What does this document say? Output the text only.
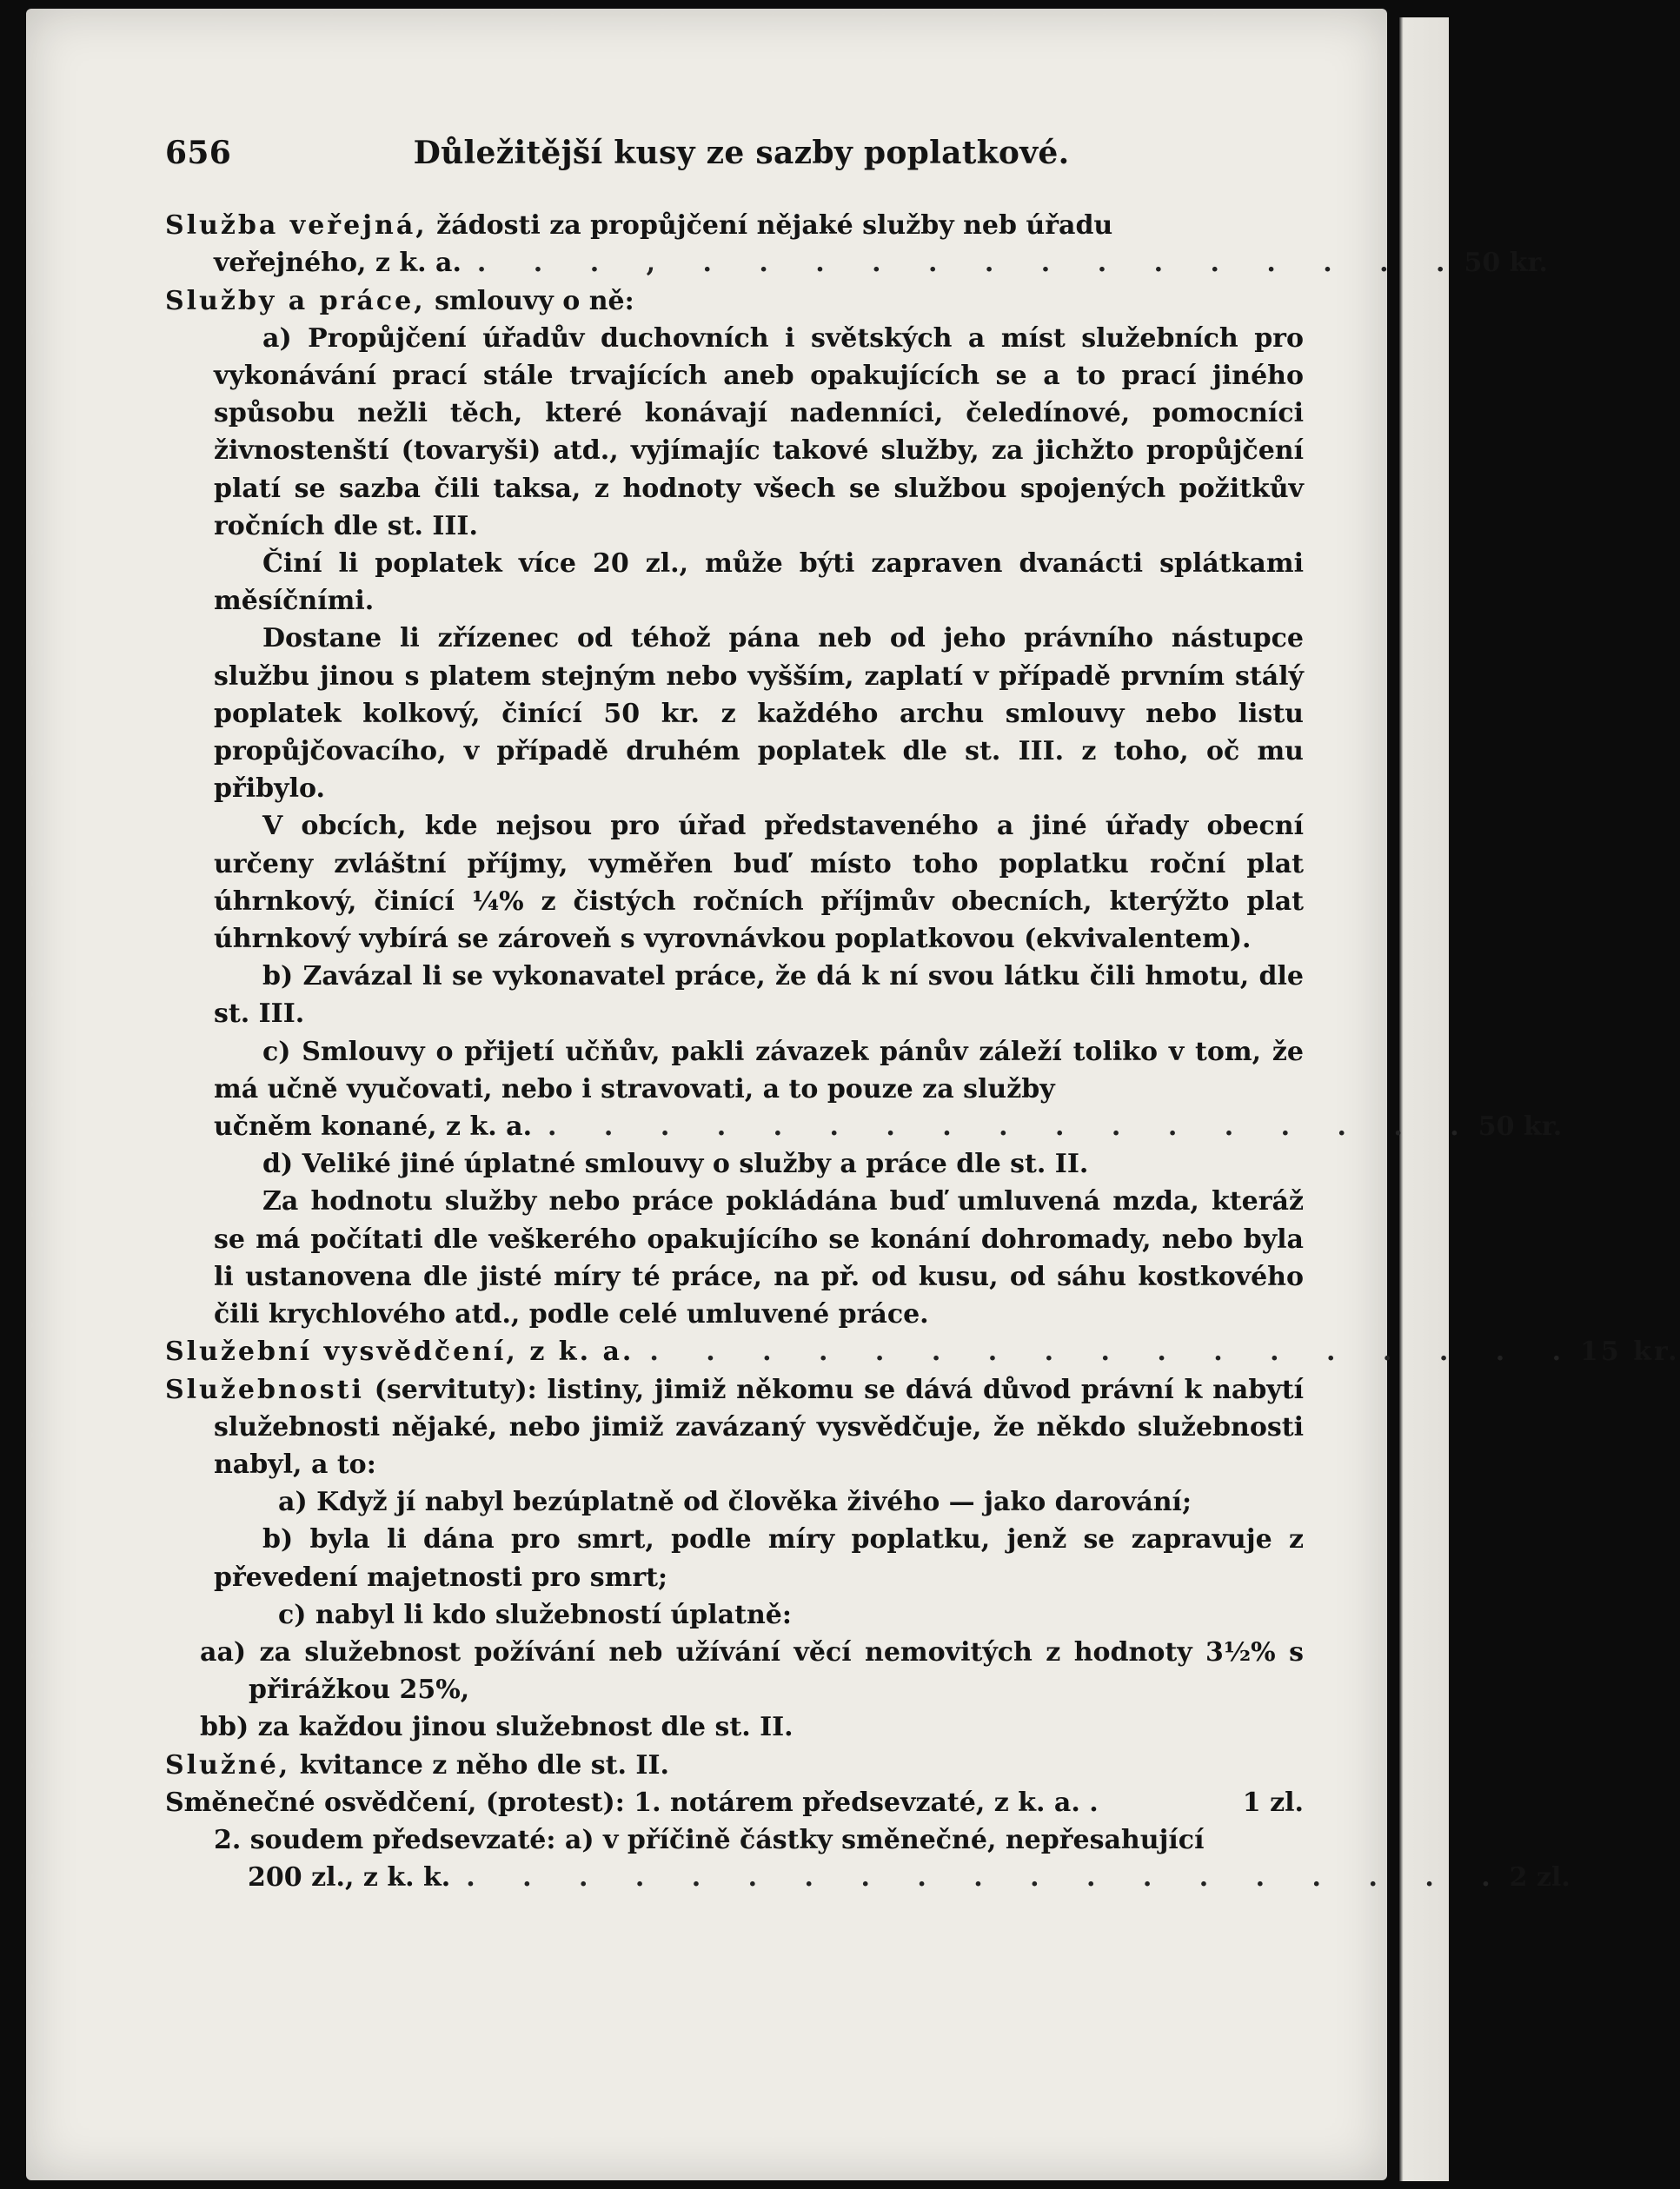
656	Důležitější kusy ze sazby poplatkové.

Služba veřejná, žádosti za propůjčení nějaké služby neb úřadu

veřejného, z k. a. . . . , . . . . . . . . . . . . . . 50 kr.

Služby a práce, smlouvy o ně:

a) Propůjčení úřadův duchovních i světských a míst služebních pro vykonávání prací stále trvajících aneb opakujících se a to prací jiného spůsobu nežli těch, které konávají nadenníci, čeledínové, pomocníci živnostenští (tovaryši) atd., vyjímajíc takové služby, za jichžto propůjčení platí se sazba čili taksa, z hodnoty všech se službou spojených požitkův ročních dle st. III.

Činí li poplatek více 20 zl., může býti zapraven dvanácti splátkami měsíčními.

Dostane li zřízenec od téhož pána neb od jeho právního nástupce službu jinou s platem stejným nebo vyšším, zaplatí v případě prvním stálý poplatek kolkový, činící 50 kr. z každého archu smlouvy nebo listu propůjčovacího, v případě druhém poplatek dle st. III. z toho, oč mu přibylo.

V obcích, kde nejsou pro úřad představeného a jiné úřady obecní určeny zvláštní příjmy, vyměřen buď místo toho poplatku roční plat úhrnkový, činící ¼% z čistých ročních příjmův obecních, kterýžto plat úhrnkový vybírá se zároveň s vyrovnávkou poplatkovou (ekvivalentem).

b) Zavázal li se vykonavatel práce, že dá k ní svou látku čili hmotu, dle st. III.

c) Smlouvy o přijetí učňův, pakli závazek pánův záleží toliko v tom, že má učně vyučovati, nebo i stravovati, a to pouze za služby

učněm konané, z k. a. . . . . . . . . . . . . . . . . . 50 kr.

d) Veliké jiné úplatné smlouvy o služby a práce dle st. II.

Za hodnotu služby nebo práce pokládána buď umluvená mzda, kteráž se má počítati dle veškerého opakujícího se konání dohromady, nebo byla li ustanovena dle jisté míry té práce, na př. od kusu, od sáhu kostkového čili krychlového atd., podle celé umluvené práce.

Služební vysvědčení, z k. a. . . . . . . . . . . . . . . . . . 15 kr.

Služebnosti (servituty): listiny, jimiž někomu se dává důvod právní k nabytí služebnosti nějaké, nebo jimiž zavázaný vysvědčuje, že někdo služebnosti nabyl, a to:

a) Když jí nabyl bezúplatně od člověka živého — jako darování;

b) byla li dána pro smrt, podle míry poplatku, jenž se zapravuje z převedení majetnosti pro smrt;

c) nabyl li kdo služebností úplatně:

aa) za služebnost požívání neb užívání věcí nemovitých z hodnoty 3½% s přirážkou 25%,

bb) za každou jinou služebnost dle st. II.

Služné, kvitance z něho dle st. II.

Směnečné osvědčení, (protest): 1. notárem předsevzaté, z k. a. .	1 zl.

2. soudem předsevzaté: a) v příčině částky směnečné, nepřesahující

200 zl., z k. k. . . . . . . . . . . . . . . . . . . . 2 zl.
